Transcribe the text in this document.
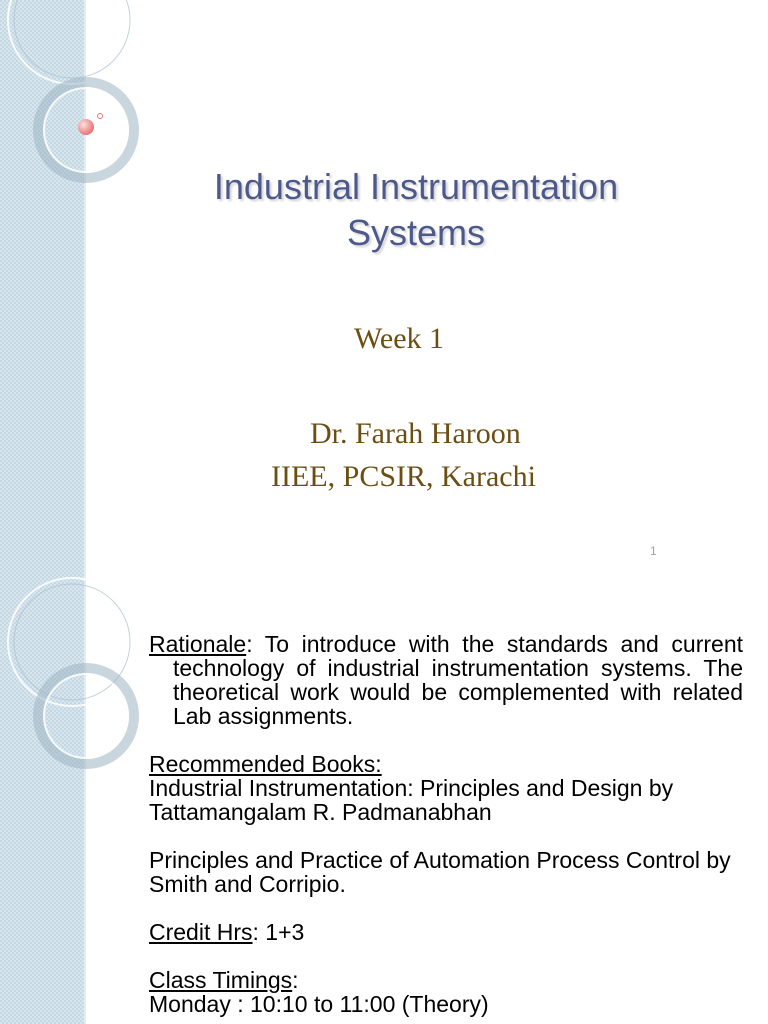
Industrial Instrumentation Systems
Week 1
Dr. Farah Haroon
IIEE, PCSIR, Karachi
1

Rationale: To introduce with the standards and current technology of industrial instrumentation systems. The theoretical work would be complemented with related Lab assignments.

Recommended Books:

Industrial Instrumentation: Principles and Design by Tattamangalam R. Padmanabhan

Principles and Practice of Automation Process Control by Smith and Corripio.

Credit Hrs: 1+3

Class Timings:

Monday : 10:10 to 11:00 (Theory)
